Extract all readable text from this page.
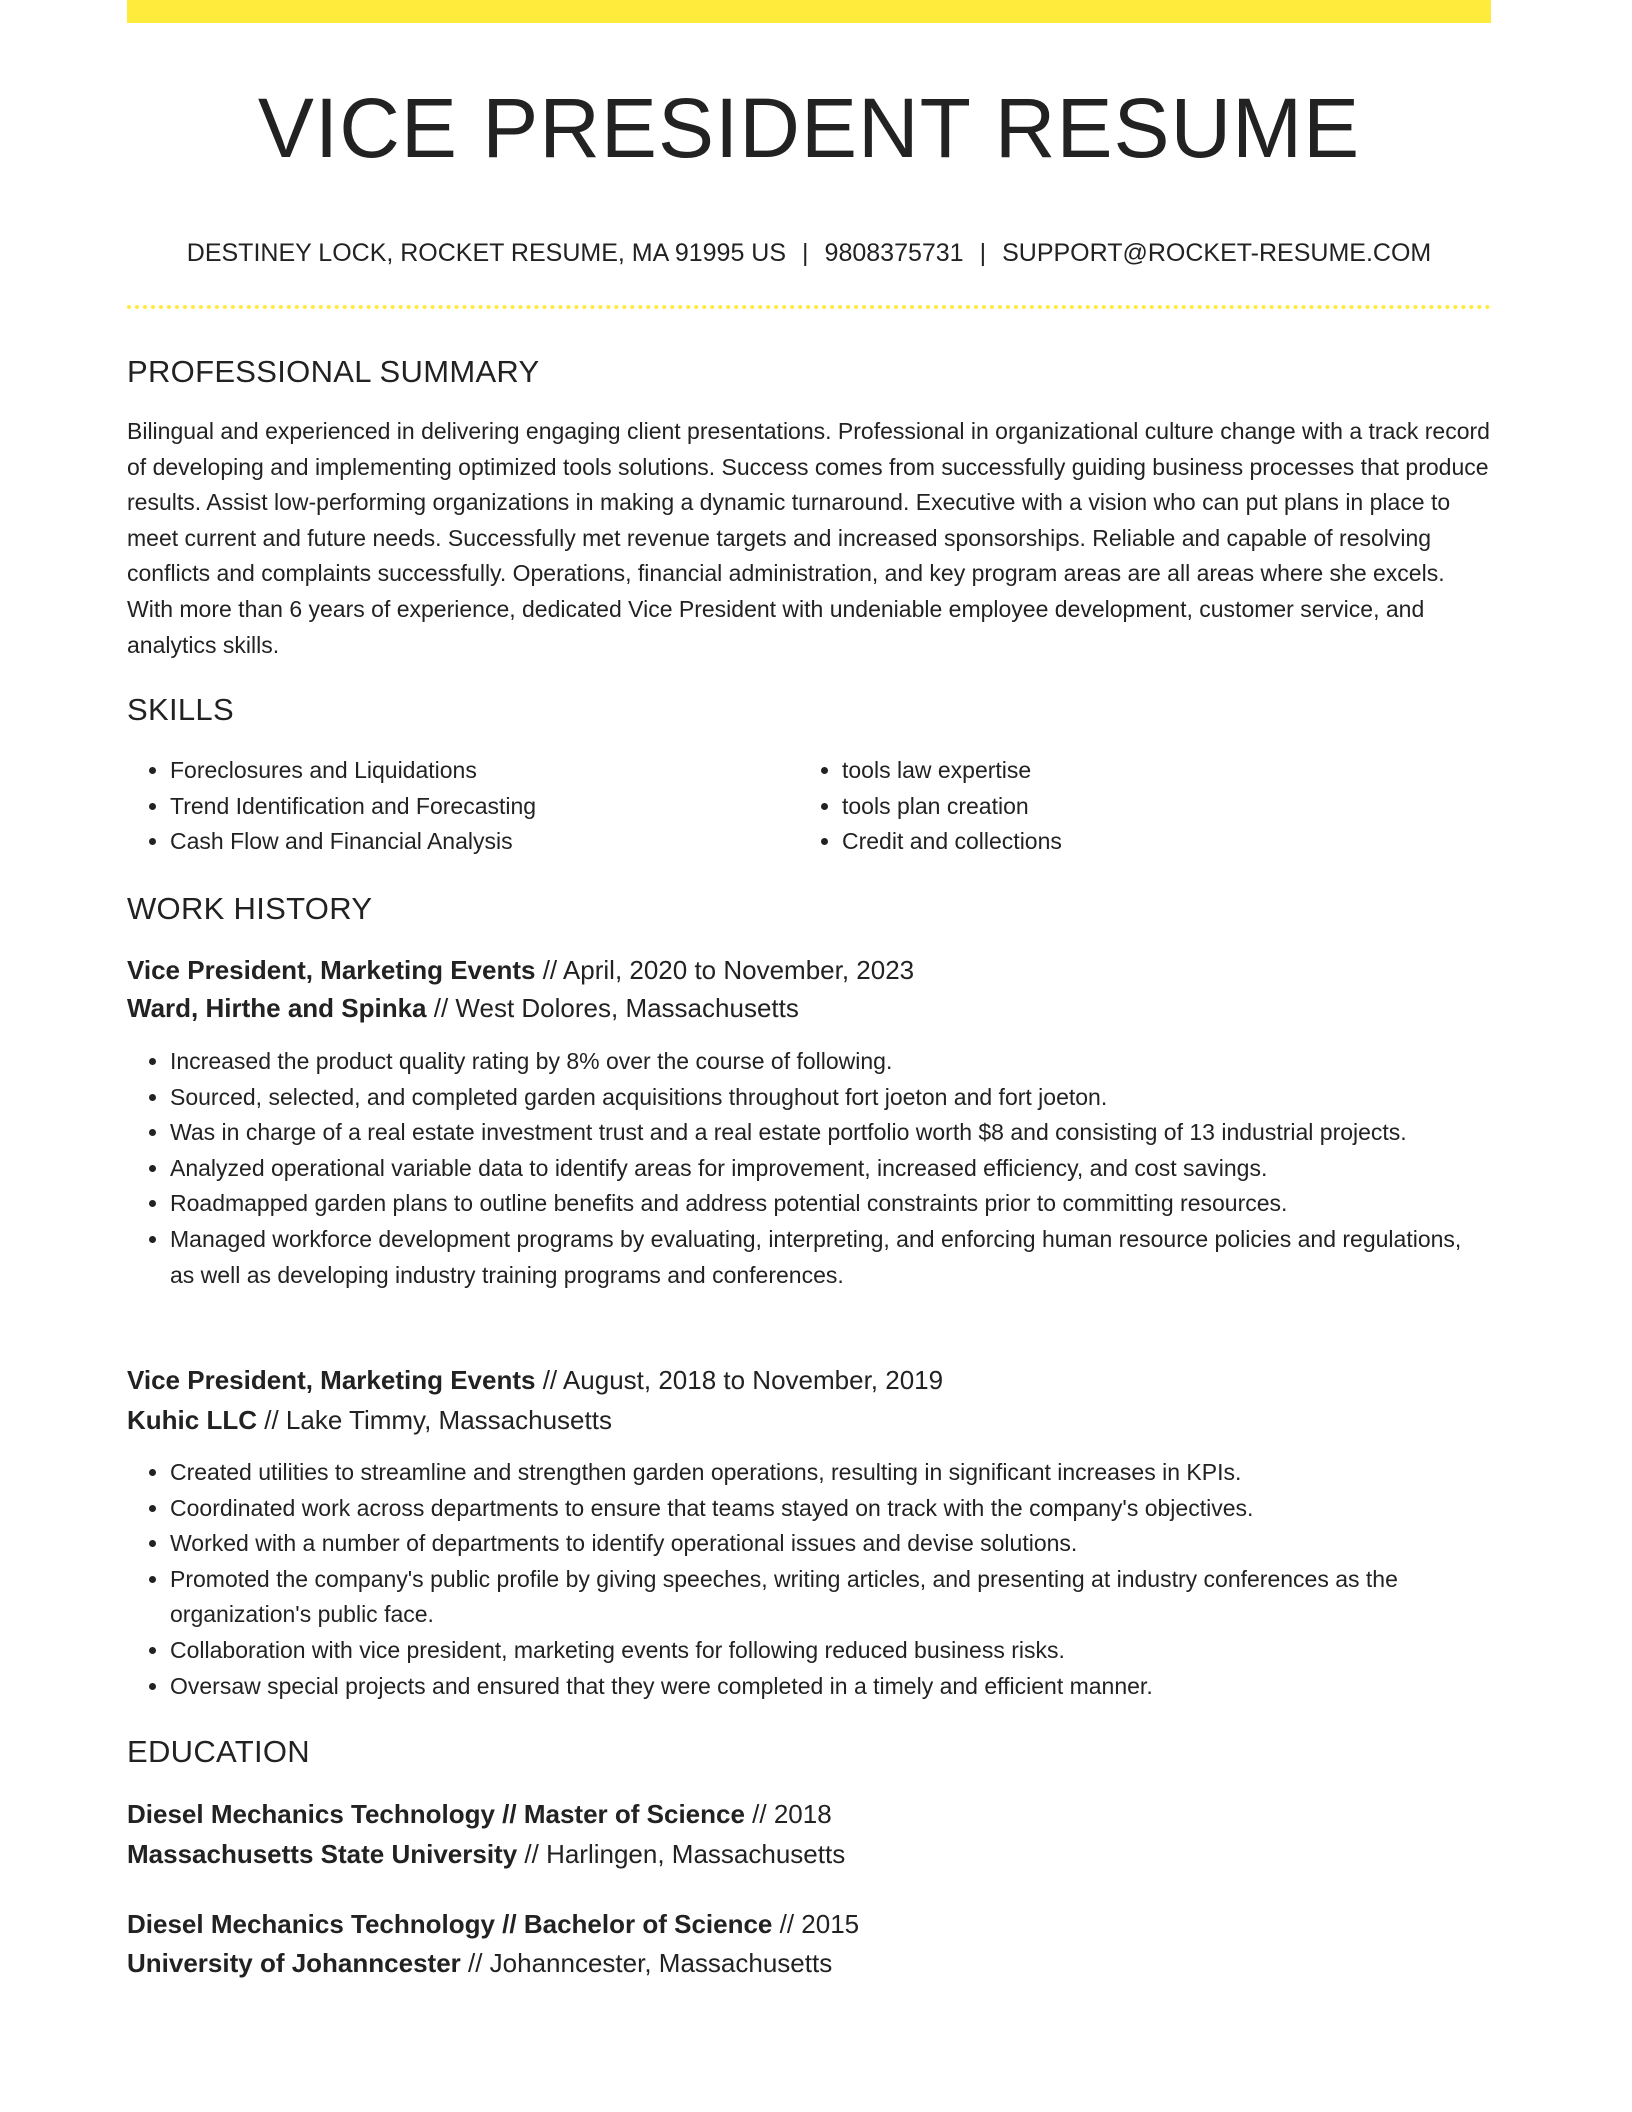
VICE PRESIDENT RESUME
DESTINEY LOCK, ROCKET RESUME, MA 91995 US | 9808375731 | SUPPORT@ROCKET-RESUME.COM
PROFESSIONAL SUMMARY
Bilingual and experienced in delivering engaging client presentations. Professional in organizational culture change with a track record of developing and implementing optimized tools solutions. Success comes from successfully guiding business processes that produce results. Assist low-performing organizations in making a dynamic turnaround. Executive with a vision who can put plans in place to meet current and future needs. Successfully met revenue targets and increased sponsorships. Reliable and capable of resolving conflicts and complaints successfully. Operations, financial administration, and key program areas are all areas where she excels. With more than 6 years of experience, dedicated Vice President with undeniable employee development, customer service, and analytics skills.
SKILLS
• Foreclosures and Liquidations
• Trend Identification and Forecasting
• Cash Flow and Financial Analysis
• tools law expertise
• tools plan creation
• Credit and collections
WORK HISTORY
Vice President, Marketing Events // April, 2020 to November, 2023
Ward, Hirthe and Spinka // West Dolores, Massachusetts
• Increased the product quality rating by 8% over the course of following.
• Sourced, selected, and completed garden acquisitions throughout fort joeton and fort joeton.
• Was in charge of a real estate investment trust and a real estate portfolio worth $8 and consisting of 13 industrial projects.
• Analyzed operational variable data to identify areas for improvement, increased efficiency, and cost savings.
• Roadmapped garden plans to outline benefits and address potential constraints prior to committing resources.
• Managed workforce development programs by evaluating, interpreting, and enforcing human resource policies and regulations, as well as developing industry training programs and conferences.
Vice President, Marketing Events // August, 2018 to November, 2019
Kuhic LLC // Lake Timmy, Massachusetts
• Created utilities to streamline and strengthen garden operations, resulting in significant increases in KPIs.
• Coordinated work across departments to ensure that teams stayed on track with the company's objectives.
• Worked with a number of departments to identify operational issues and devise solutions.
• Promoted the company's public profile by giving speeches, writing articles, and presenting at industry conferences as the organization's public face.
• Collaboration with vice president, marketing events for following reduced business risks.
• Oversaw special projects and ensured that they were completed in a timely and efficient manner.
EDUCATION
Diesel Mechanics Technology // Master of Science // 2018
Massachusetts State University // Harlingen, Massachusetts
Diesel Mechanics Technology // Bachelor of Science // 2015
University of Johanncester // Johanncester, Massachusetts
